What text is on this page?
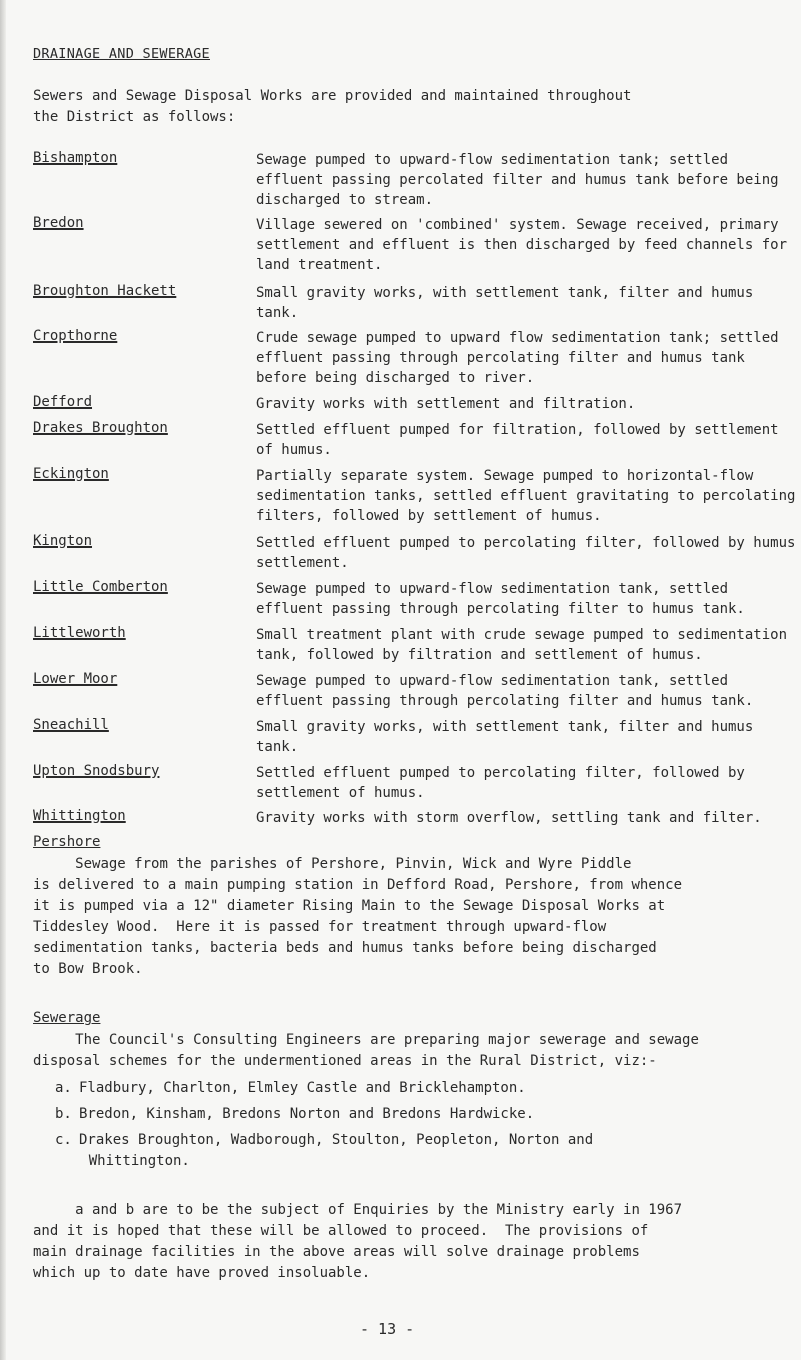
DRAINAGE AND SEWERAGE
Sewers and Sewage Disposal Works are provided and maintained throughout
the District as follows:
Bishampton	Sewage pumped to upward-flow sedimentation tank; settled effluent passing percolated filter and humus tank before being discharged to stream.
Bredon	Village sewered on 'combined' system. Sewage received, primary settlement and effluent is then discharged by feed channels for land treatment.
Broughton Hackett	Small gravity works, with settlement tank, filter and humus tank.
Cropthorne	Crude sewage pumped to upward flow sedimentation tank; settled effluent passing through percolating filter and humus tank before being discharged to river.
Defford	Gravity works with settlement and filtration.
Drakes Broughton	Settled effluent pumped for filtration, followed by settlement of humus.
Eckington	Partially separate system. Sewage pumped to horizontal-flow sedimentation tanks, settled effluent gravitating to percolating filters, followed by settlement of humus.
Kington	Settled effluent pumped to percolating filter, followed by humus settlement.
Little Comberton	Sewage pumped to upward-flow sedimentation tank, settled effluent passing through percolating filter to humus tank.
Littleworth	Small treatment plant with crude sewage pumped to sedimentation tank, followed by filtration and settlement of humus.
Lower Moor	Sewage pumped to upward-flow sedimentation tank, settled effluent passing through percolating filter and humus tank.
Sneachill	Small gravity works, with settlement tank, filter and humus tank.
Upton Snodsbury	Settled effluent pumped to percolating filter, followed by settlement of humus.
Whittington	Gravity works with storm overflow, settling tank and filter.
Pershore
Sewage from the parishes of Pershore, Pinvin, Wick and Wyre Piddle
is delivered to a main pumping station in Defford Road, Pershore, from whence
it is pumped via a 12" diameter Rising Main to the Sewage Disposal Works at
Tiddesley Wood.  Here it is passed for treatment through upward-flow
sedimentation tanks, bacteria beds and humus tanks before being discharged
to Bow Brook.
Sewerage
The Council's Consulting Engineers are preparing major sewerage and sewage
disposal schemes for the undermentioned areas in the Rural District, viz:-
a. Fladbury, Charlton, Elmley Castle and Bricklehampton.
b. Bredon, Kinsham, Bredons Norton and Bredons Hardwicke.
c. Drakes Broughton, Wadborough, Stoulton, Peopleton, Norton and
Whittington.
a and b are to be the subject of Enquiries by the Ministry early in 1967
and it is hoped that these will be allowed to proceed.  The provisions of
main drainage facilities in the above areas will solve drainage problems
which up to date have proved insoluable.
- 13 -
